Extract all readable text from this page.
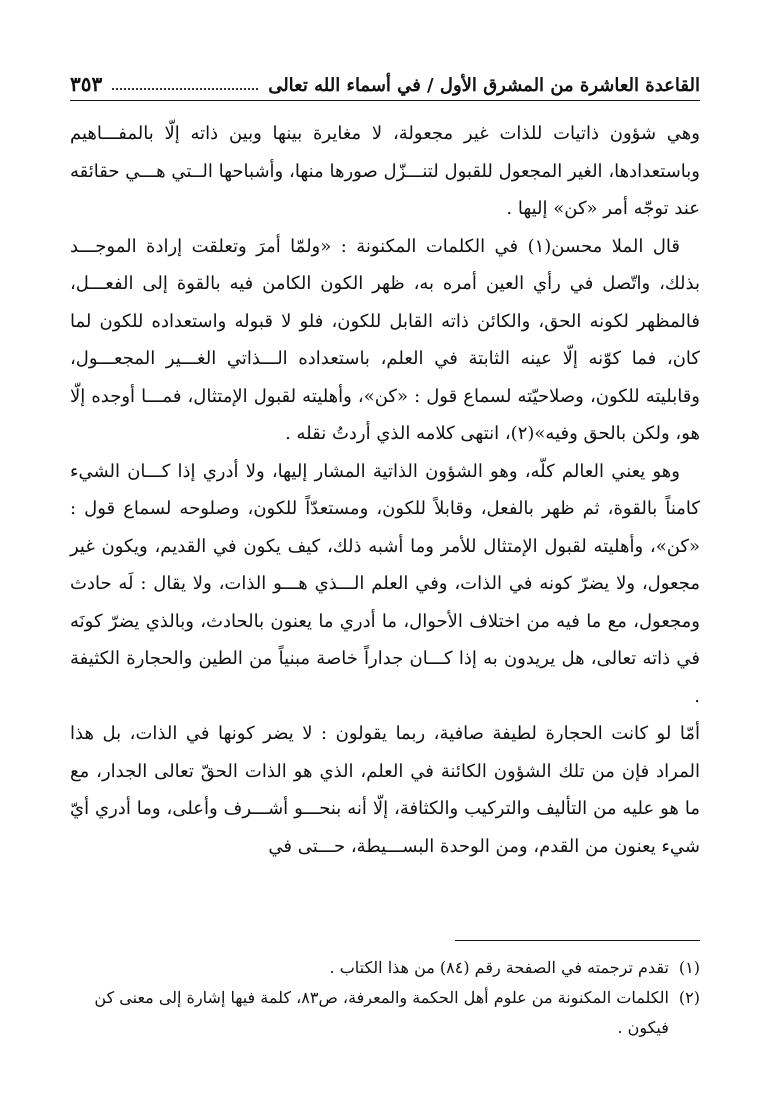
القاعدة العاشرة من المشرق الأول / في أسماء الله تعالى
٣٥٣

وهي شؤون ذاتيات للذات غير مجعولة، لا مغايرة بينها وبين ذاته إلّا بالمفـــاهيم وباستعدادها، الغير المجعول للقبول لتنـــزّل صورها منها، وأشباحها الــتي هـــي حقائقه عند توجّه أمر «كن» إليها .

قال الملا محسن(١) في الكلمات المكنونة : «ولمّا أمرَ وتعلقت إرادة الموجـــد بذلك، واتّصل في رأي العين أمره به، ظهر الكون الكامن فيه بالقوة إلى الفعـــل، فالمظهر لكونه الحق، والكائن ذاته القابل للكون، فلو لا قبوله واستعداده للكون لما كان، فما كوّنه إلّا عينه الثابتة في العلم، باستعداده الـــذاتي الغـــير المجعـــول، وقابليته للكون، وصلاحيّته لسماع قول : «كن»، وأهليته لقبول الإمتثال، فمـــا أوجده إلّا هو، ولكن بالحق وفيه»(٢)، انتهى كلامه الذي أردتُ نقله .

وهو يعني العالم كلّه، وهو الشؤون الذاتية المشار إليها، ولا أدري إذا كـــان الشيء كامناً بالقوة، ثم ظهر بالفعل، وقابلاً للكون، ومستعدّاً للكون، وصلوحه لسماع قول : «كن»، وأهليته لقبول الإمتثال للأمر وما أشبه ذلك، كيف يكون في القديم، ويكون غير مجعول، ولا يضرّ كونه في الذات، وفي العلم الـــذي هـــو الذات، ولا يقال : لَه حادث ومجعول، مع ما فيه من اختلاف الأحوال، ما أدري ما يعنون بالحادث، وبالذي يضرّ كونَه في ذاته تعالى، هل يريدون به إذا كـــان جداراً خاصة مبنياً من الطين والحجارة الكثيفة .

أمّا لو كانت الحجارة لطيفة صافية، ربما يقولون : لا يضر كونها في الذات، بل هذا المراد فإن من تلك الشؤون الكائنة في العلم، الذي هو الذات الحقّ تعالى الجدار، مع ما هو عليه من التأليف والتركيب والكثافة، إلّا أنه بنحـــو أشـــرف وأعلى، وما أدري أيّ شيء يعنون من القدم، ومن الوحدة البســـيطة، حـــتى في

(١)
تقدم ترجمته في الصفحة رقم (٨٤) من هذا الكتاب .
(٢)
الكلمات المكنونة من علوم أهل الحكمة والمعرفة، ص٨٣، كلمة فيها إشارة إلى معنى كن فيكون .
